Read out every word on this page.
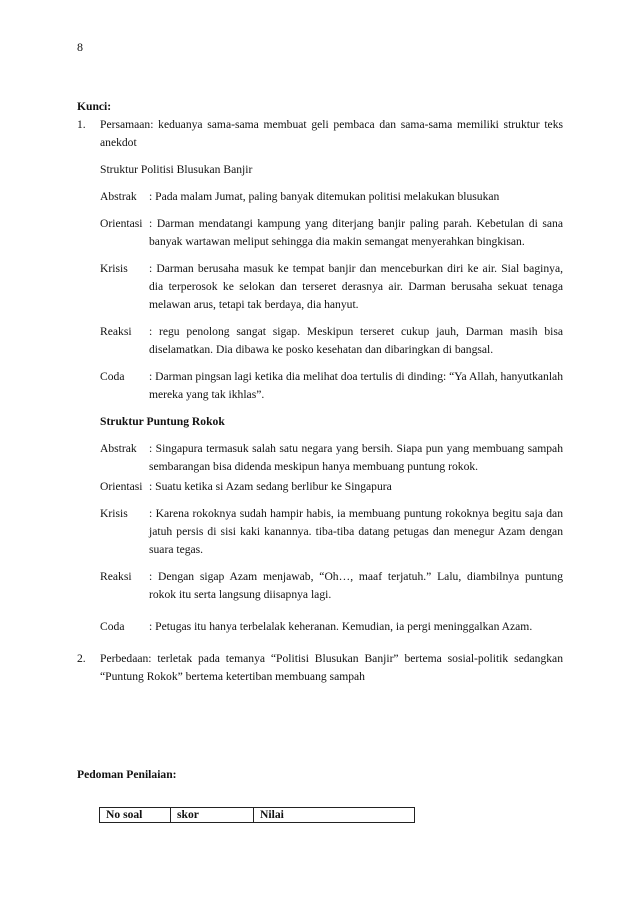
8
Kunci:
1.	Persamaan: keduanya sama-sama membuat geli pembaca dan sama-sama memiliki struktur teks anekdot
Struktur Politisi Blusukan Banjir
Abstrak	: Pada malam Jumat, paling banyak ditemukan politisi melakukan blusukan
Orientasi : Darman mendatangi kampung yang diterjang banjir paling parah. Kebetulan di sana banyak wartawan meliput sehingga dia makin semangat menyerahkan bingkisan.
Krisis	: Darman berusaha masuk ke tempat banjir dan menceburkan diri ke air. Sial baginya, dia terperosok ke selokan dan terseret derasnya air. Darman berusaha sekuat tenaga melawan arus, tetapi tak berdaya, dia hanyut.
Reaksi	: regu penolong sangat sigap. Meskipun terseret cukup jauh, Darman masih bisa diselamatkan. Dia dibawa ke posko kesehatan dan dibaringkan di bangsal.
Coda	: Darman pingsan lagi ketika dia melihat doa tertulis di dinding: “Ya Allah, hanyutkanlah mereka yang tak ikhlas”.
Struktur Puntung Rokok
Abstrak	: Singapura termasuk salah satu negara yang bersih. Siapa pun yang membuang sampah sembarangan bisa didenda meskipun hanya membuang puntung rokok.
Orientasi : Suatu ketika si Azam sedang berlibur ke Singapura
Krisis	: Karena rokoknya sudah hampir habis, ia membuang puntung rokoknya begitu saja dan jatuh persis di sisi kaki kanannya. tiba-tiba datang petugas dan menegur Azam dengan suara tegas.
Reaksi	: Dengan sigap Azam menjawab, “Oh…, maaf terjatuh.” Lalu, diambilnya puntung rokok itu serta langsung diisapnya lagi.
Coda	: Petugas itu hanya terbelalak keheranan. Kemudian, ia pergi meninggalkan Azam.
2.	Perbedaan: terletak pada temanya “Politisi Blusukan Banjir” bertema sosial-politik sedangkan “Puntung Rokok” bertema ketertiban membuang sampah
Pedoman Penilaian:
No soal	skor	Nilai
